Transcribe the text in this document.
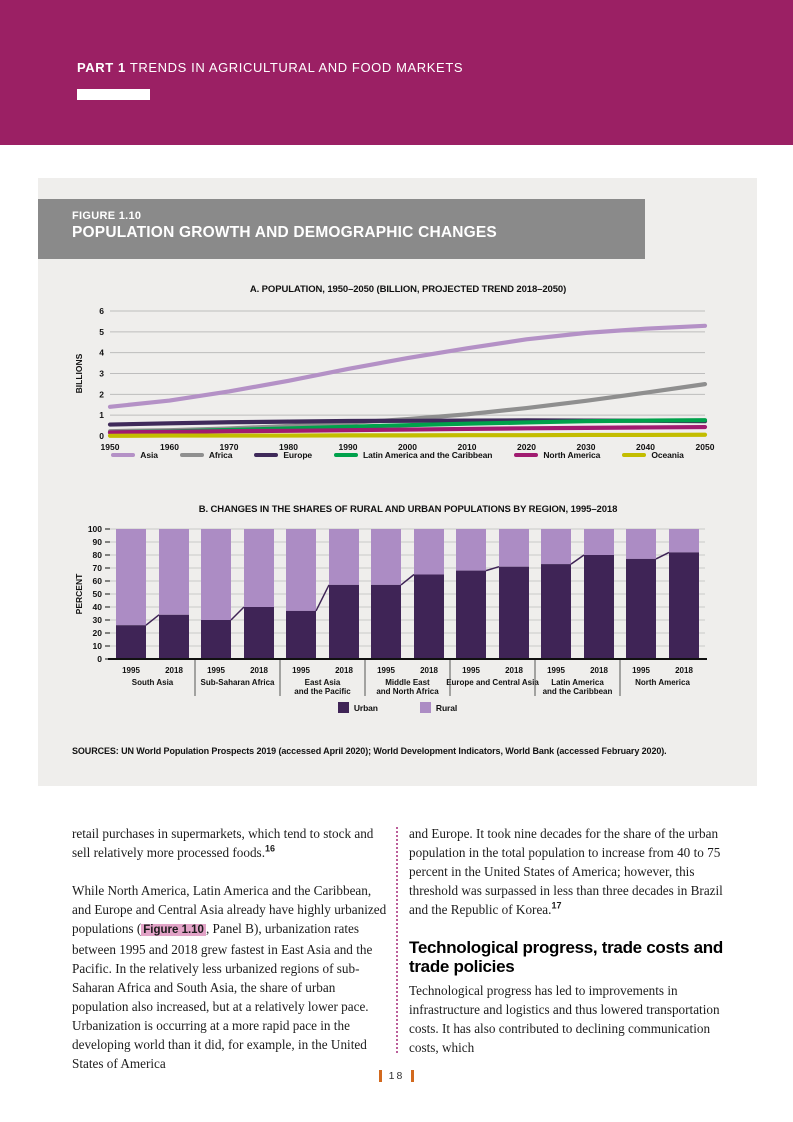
PART 1 TRENDS IN AGRICULTURAL AND FOOD MARKETS
FIGURE 1.10
POPULATION GROWTH AND DEMOGRAPHIC CHANGES
A. POPULATION, 1950–2050 (BILLION, PROJECTED TREND 2018–2050)
0
1
2
3
4
5
6
1950	1960	1970	1980	1990	2000	2010	2020	2030	2040	2050
BILLIONS
Asia	Africa	Europe	Latin America and the Caribbean	North America	Oceania
B. CHANGES IN THE SHARES OF RURAL AND URBAN POPULATIONS BY REGION, 1995–2018
0
10
20
30
40
50
60
70
80
90
100
PERCENT
1995	2018
South Asia
1995	2018
Sub-Saharan Africa
1995	2018
East Asia
and the Pacific
1995	2018
Middle East
and North Africa
1995	2018
Europe and Central Asia
1995	2018
Latin America
and the Caribbean
1995	2018
North America
Urban	Rural
SOURCES: UN World Population Prospects 2019 (accessed April 2020); World Development Indicators, World Bank (accessed February 2020).

retail purchases in supermarkets, which tend to stock and sell relatively more processed foods.$^{16}$

While North America, Latin America and the Caribbean, and Europe and Central Asia already have highly urbanized populations ( Figure 1.10 , Panel B), urbanization rates between 1995 and 2018 grew fastest in East Asia and the Pacific. In the relatively less urbanized regions of sub-Saharan Africa and South Asia, the share of urban population also increased, but at a relatively lower pace. Urbanization is occurring at a more rapid pace in the developing world than it did, for example, in the United States of America

and Europe. It took nine decades for the share of the urban population in the total population to increase from 40 to 75 percent in the United States of America; however, this threshold was surpassed in less than three decades in Brazil and the Republic of Korea.$^{17}$

Technological progress, trade costs and trade policies

Technological progress has led to improvements in infrastructure and logistics and thus lowered transportation costs. It has also contributed to declining communication costs, which

18
